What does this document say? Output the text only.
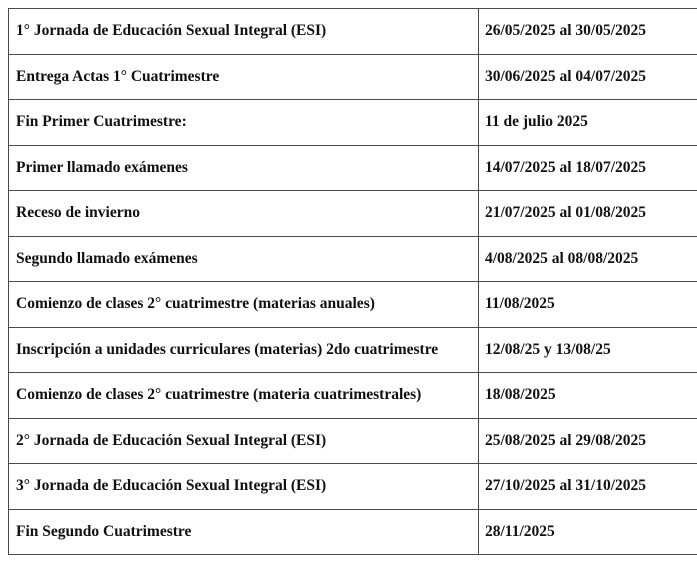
1° Jornada de Educación Sexual Integral (ESI)	26/05/2025 al 30/05/2025
Entrega Actas 1° Cuatrimestre	30/06/2025 al 04/07/2025
Fin Primer Cuatrimestre:	11 de julio 2025
Primer llamado exámenes	14/07/2025 al 18/07/2025
Receso de invierno	21/07/2025 al 01/08/2025
Segundo llamado exámenes	4/08/2025 al 08/08/2025
Comienzo de clases 2° cuatrimestre (materias anuales)	11/08/2025
Inscripción a unidades curriculares (materias) 2do cuatrimestre	12/08/25 y 13/08/25
Comienzo de clases 2° cuatrimestre (materia cuatrimestrales)	18/08/2025
2° Jornada de Educación Sexual Integral (ESI)	25/08/2025 al 29/08/2025
3° Jornada de Educación Sexual Integral (ESI)	27/10/2025 al 31/10/2025
Fin Segundo Cuatrimestre	28/11/2025
